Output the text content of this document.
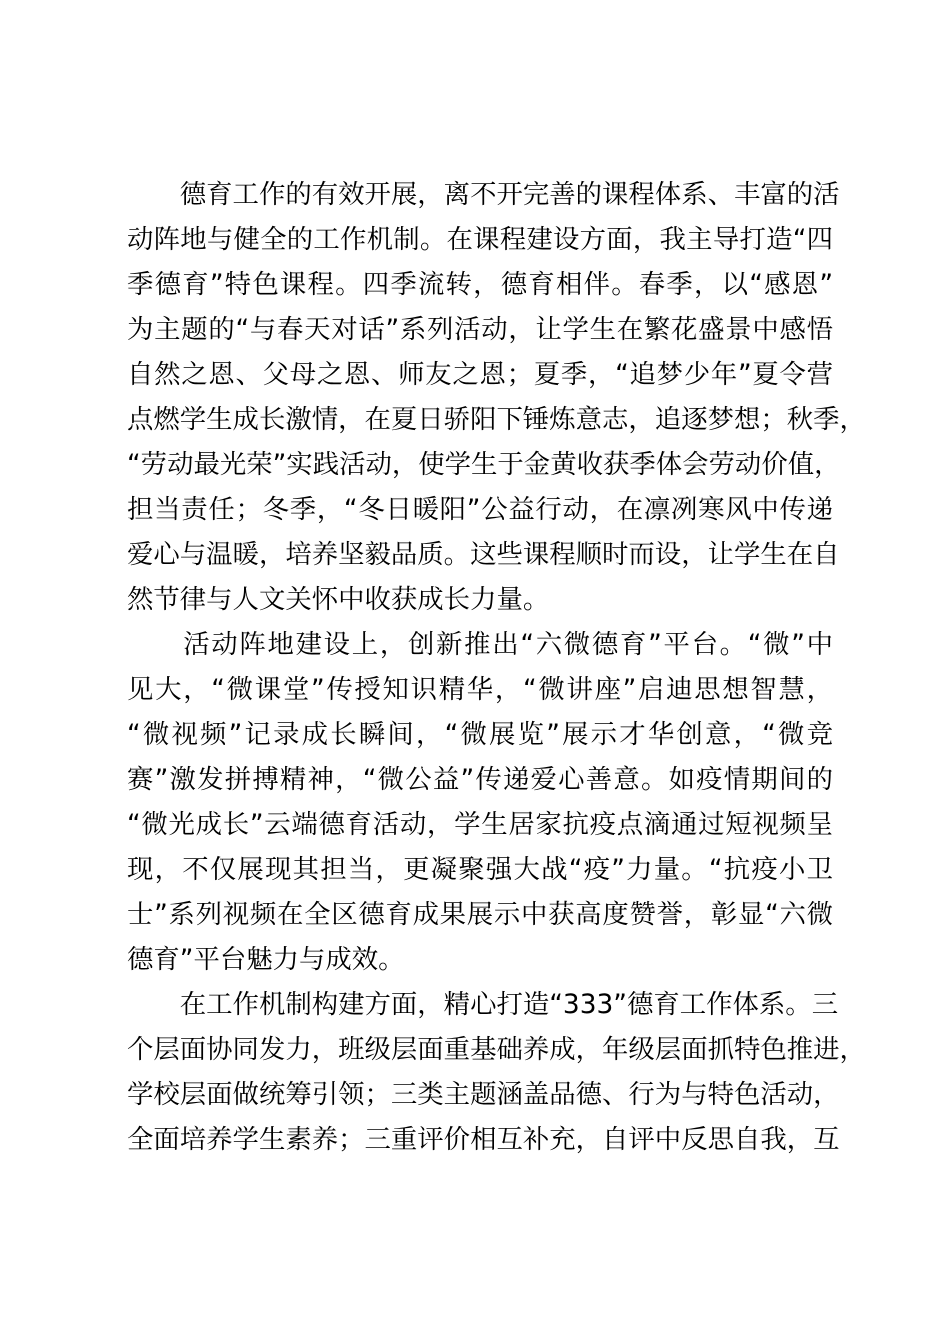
　　德育工作的有效开展，离不开完善的课程体系、丰富的活
动阵地与健全的工作机制。在课程建设方面，我主导打造“四
季德育”特色课程。四季流转，德育相伴。春季，以“感恩”
为主题的“与春天对话”系列活动，让学生在繁花盛景中感悟
自然之恩、父母之恩、师友之恩；夏季，“追梦少年”夏令营
点燃学生成长激情，在夏日骄阳下锤炼意志，追逐梦想；秋季，
“劳动最光荣”实践活动，使学生于金黄收获季体会劳动价值，
担当责任；冬季，“冬日暖阳”公益行动，在凛冽寒风中传递
爱心与温暖，培养坚毅品质。这些课程顺时而设，让学生在自
然节律与人文关怀中收获成长力量。
　　活动阵地建设上，创新推出“六微德育”平台。“微”中
见大，“微课堂”传授知识精华，“微讲座”启迪思想智慧，
“微视频”记录成长瞬间，“微展览”展示才华创意，“微竞
赛”激发拼搏精神，“微公益”传递爱心善意。如疫情期间的
“微光成长”云端德育活动，学生居家抗疫点滴通过短视频呈
现，不仅展现其担当，更凝聚强大战“疫”力量。“抗疫小卫
士”系列视频在全区德育成果展示中获高度赞誉，彰显“六微
德育”平台魅力与成效。
　　在工作机制构建方面，精心打造“333”德育工作体系。三
个层面协同发力，班级层面重基础养成，年级层面抓特色推进，
学校层面做统筹引领；三类主题涵盖品德、行为与特色活动，
全面培养学生素养；三重评价相互补充，自评中反思自我，互
